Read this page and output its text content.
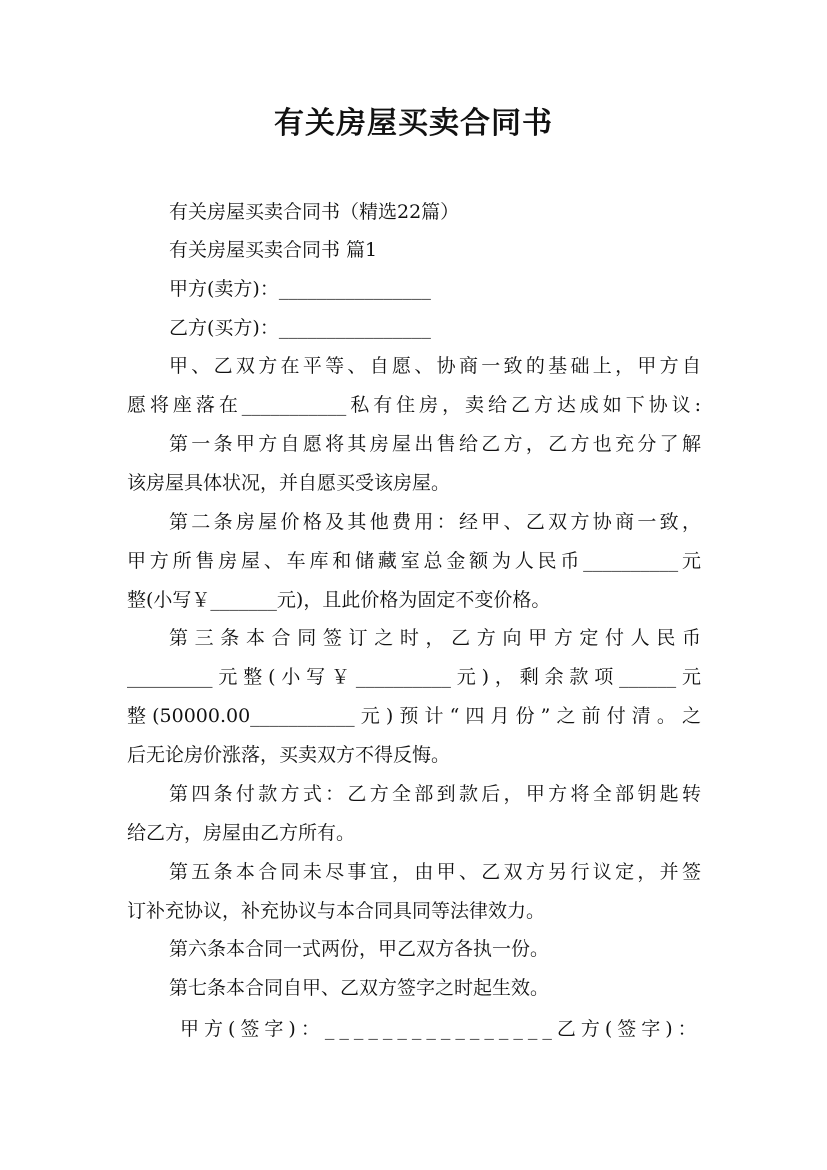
有关房屋买卖合同书
有关房屋买卖合同书（精选22篇）
有关房屋买卖合同书 篇1
甲方(卖方)：________________
乙方(买方)：________________
甲、乙双方在平等、自愿、协商一致的基础上，甲方自
愿将座落在___________私有住房，卖给乙方达成如下协议:
第一条甲方自愿将其房屋出售给乙方，乙方也充分了解
该房屋具体状况，并自愿买受该房屋。
第二条房屋价格及其他费用：经甲、乙双方协商一致，
甲方所售房屋、车库和储藏室总金额为人民币__________元
整(小写￥_______元)，且此价格为固定不变价格。
第三条本合同签订之时，乙方向甲方定付人民币
_________元整(小写￥__________元)，剩余款项______元
整(50000.00___________元)预计“四月份”之前付清。之
后无论房价涨落，买卖双方不得反悔。
第四条付款方式：乙方全部到款后，甲方将全部钥匙转
给乙方，房屋由乙方所有。
第五条本合同未尽事宜，由甲、乙双方另行议定，并签
订补充协议，补充协议与本合同具同等法律效力。
第六条本合同一式两份，甲乙双方各执一份。
第七条本合同自甲、乙双方签字之时起生效。
甲方(签字)：________________乙方(签字)：
